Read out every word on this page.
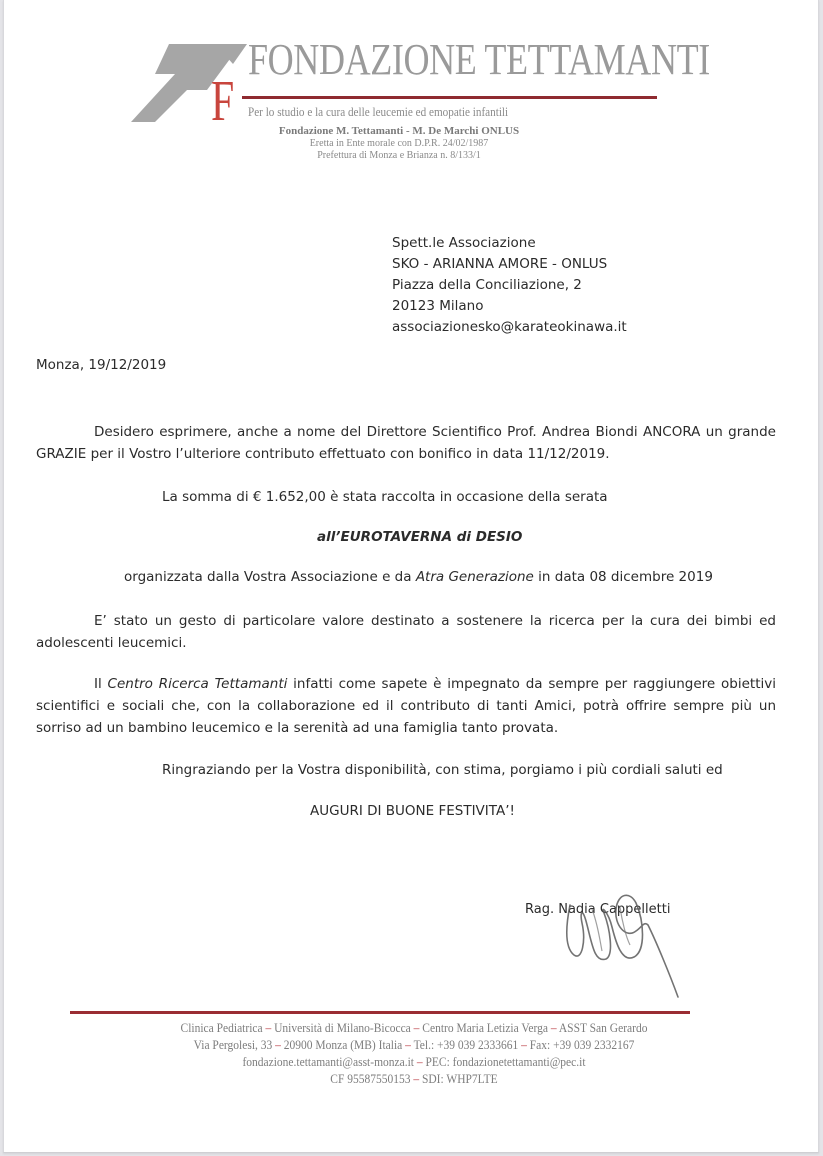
F
FONDAZIONE TETTAMANTI
Per lo studio e la cura delle leucemie ed emopatie infantili
Fondazione M. Tettamanti - M. De Marchi ONLUS
Eretta in Ente morale con D.P.R. 24/02/1987
Prefettura di Monza e Brianza n. 8/133/1
Spett.le Associazione
SKO - ARIANNA AMORE - ONLUS
Piazza della Conciliazione, 2
20123 Milano
associazionesko@karateokinawa.it
Monza, 19/12/2019
Desidero esprimere, anche a nome del Direttore Scientifico Prof. Andrea Biondi ANCORA un grande GRAZIE per il Vostro l’ulteriore contributo effettuato con bonifico in data 11/12/2019.
La somma di € 1.652,00 è stata raccolta in occasione della serata
all’EUROTAVERNA di DESIO
organizzata dalla Vostra Associazione e da Atra Generazione in data 08 dicembre 2019
E’ stato un gesto di particolare valore destinato a sostenere la ricerca per la cura dei bimbi ed adolescenti leucemici.
Il Centro Ricerca Tettamanti infatti come sapete è impegnato da sempre per raggiungere obiettivi scientifici e sociali che, con la collaborazione ed il contributo di tanti Amici, potrà offrire sempre più un sorriso ad un bambino leucemico e la serenità ad una famiglia tanto provata.
Ringraziando per la Vostra disponibilità, con stima, porgiamo i più cordiali saluti ed
AUGURI DI BUONE FESTIVITA’!
Rag. Nadia Cappelletti
Clinica Pediatrica – Università di Milano-Bicocca – Centro Maria Letizia Verga – ASST San Gerardo
Via Pergolesi, 33 – 20900 Monza (MB) Italia – Tel.: +39 039 2333661 – Fax: +39 039 2332167
fondazione.tettamanti@asst-monza.it – PEC: fondazionetettamanti@pec.it
CF 95587550153 – SDI: WHP7LTE
